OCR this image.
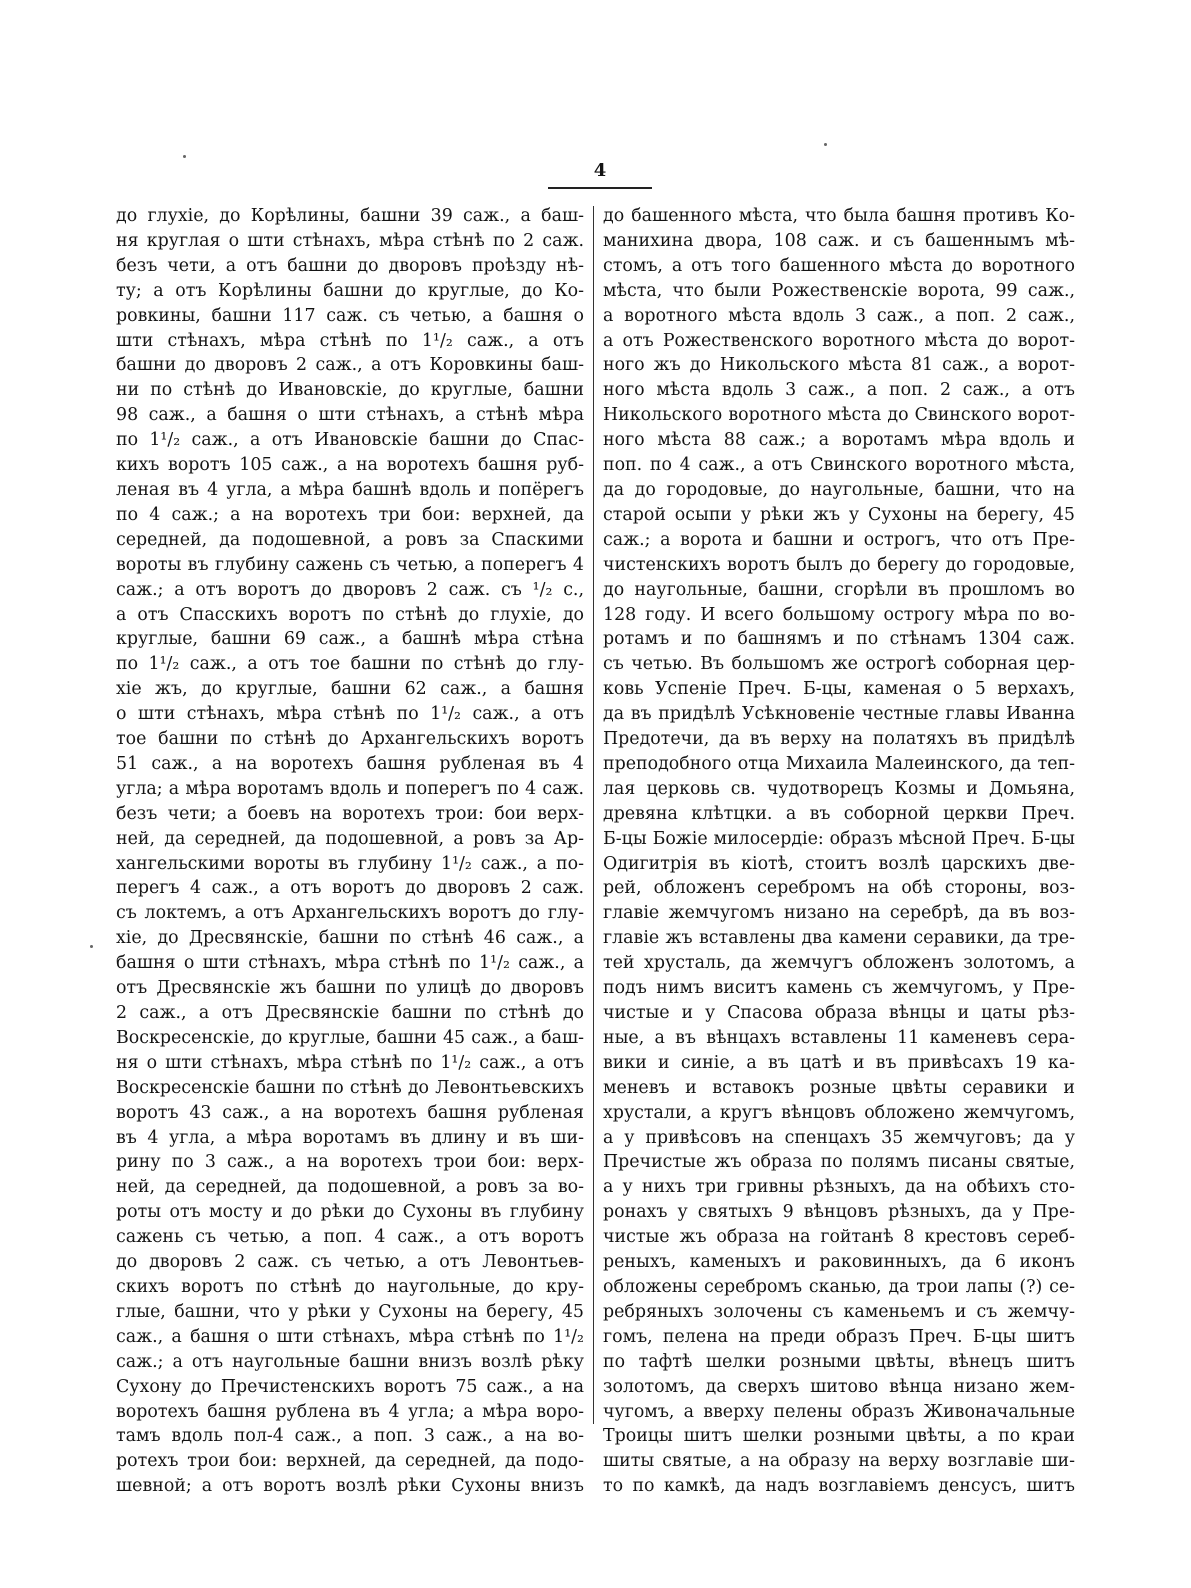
4
до глухіе, до Корѣлины, башни 39 саж., а баш-
ня круглая о шти стѣнахъ, мѣра стѣнѣ по 2 саж.
безъ чети, а отъ башни до дворовъ проѣзду нѣ-
ту; а отъ Корѣлины башни до круглые, до Ко-
ровкины, башни 117 саж. съ четью, а башня о
шти стѣнахъ, мѣра стѣнѣ по 1¹/₂ саж., а отъ
башни до дворовъ 2 саж., а отъ Коровкины баш-
ни по стѣнѣ до Ивановскіе, до круглые, башни
98 саж., а башня о шти стѣнахъ, а стѣнѣ мѣра
по 1¹/₂ саж., а отъ Ивановскіе башни до Спас-
кихъ воротъ 105 саж., а на воротехъ башня руб-
леная въ 4 угла, а мѣра башнѣ вдоль и попёрегъ
по 4 саж.; а на воротехъ три бои: верхней, да
середней, да подошевной, а ровъ за Спаскими
вороты въ глубину сажень съ четью, а поперегъ 4
саж.; а отъ воротъ до дворовъ 2 саж. съ ¹/₂ с.,
а отъ Спасскихъ воротъ по стѣнѣ до глухіе, до
круглые, башни 69 саж., а башнѣ мѣра стѣна
по 1¹/₂ саж., а отъ тое башни по стѣнѣ до глу-
хіе жъ, до круглые, башни 62 саж., а башня
о шти стѣнахъ, мѣра стѣнѣ по 1¹/₂ саж., а отъ
тое башни по стѣнѣ до Архангельскихъ воротъ
51 саж., а на воротехъ башня рубленая въ 4
угла; а мѣра воротамъ вдоль и поперегъ по 4 саж.
безъ чети; а боевъ на воротехъ трои: бои верх-
ней, да середней, да подошевной, а ровъ за Ар-
хангельскими вороты въ глубину 1¹/₂ саж., а по-
перегъ 4 саж., а отъ воротъ до дворовъ 2 саж.
съ локтемъ, а отъ Архангельскихъ воротъ до глу-
хіе, до Дресвянскіе, башни по стѣнѣ 46 саж., а
башня о шти стѣнахъ, мѣра стѣнѣ по 1¹/₂ саж., а
отъ Дресвянскіе жъ башни по улицѣ до дворовъ
2 саж., а отъ Дресвянскіе башни по стѣнѣ до
Воскресенскіе, до круглые, башни 45 саж., а баш-
ня о шти стѣнахъ, мѣра стѣнѣ по 1¹/₂ саж., а отъ
Воскресенскіе башни по стѣнѣ до Левонтьевскихъ
воротъ 43 саж., а на воротехъ башня рубленая
въ 4 угла, а мѣра воротамъ въ длину и въ ши-
рину по 3 саж., а на воротехъ трои бои: верх-
ней, да середней, да подошевной, а ровъ за во-
роты отъ мосту и до рѣки до Сухоны въ глубину
сажень съ четью, а поп. 4 саж., а отъ воротъ
до дворовъ 2 саж. съ четью, а отъ Левонтьев-
скихъ воротъ по стѣнѣ до наугольные, до кру-
глые, башни, что у рѣки у Сухоны на берегу, 45
саж., а башня о шти стѣнахъ, мѣра стѣнѣ по 1¹/₂
саж.; а отъ наугольные башни внизъ возлѣ рѣку
Сухону до Пречистенскихъ воротъ 75 саж., а на
воротехъ башня рублена въ 4 угла; а мѣра воро-
тамъ вдоль пол-4 саж., а поп. 3 саж., а на во-
ротехъ трои бои: верхней, да середней, да подо-
шевной; а отъ воротъ возлѣ рѣки Сухоны внизъ
до башенного мѣста, что была башня противъ Ко-
манихина двора, 108 саж. и съ башеннымъ мѣ-
стомъ, а отъ того башенного мѣста до воротного
мѣста, что были Рожественскіе ворота, 99 саж.,
а воротного мѣста вдоль 3 саж., а поп. 2 саж.,
а отъ Рожественского воротного мѣста до ворот-
ного жъ до Никольского мѣста 81 саж., а ворот-
ного мѣста вдоль 3 саж., а поп. 2 саж., а отъ
Никольского воротного мѣста до Свинского ворот-
ного мѣста 88 саж.; а воротамъ мѣра вдоль и
поп. по 4 саж., а отъ Свинского воротного мѣста,
да до городовые, до наугольные, башни, что на
старой осыпи у рѣки жъ у Сухоны на берегу, 45
саж.; а ворота и башни и острогъ, что отъ Пре-
чистенскихъ воротъ былъ до берегу до городовые,
до наугольные, башни, сгорѣли въ прошломъ во
128 году. И всего большому острогу мѣра по во-
ротамъ и по башнямъ и по стѣнамъ 1304 саж.
съ четью. Въ большомъ же острогѣ соборная цер-
ковь Успеніе Преч. Б-цы, каменая о 5 верхахъ,
да въ придѣлѣ Усѣкновеніе честные главы Иванна
Предотечи, да въ верху на полатяхъ въ придѣлѣ
преподобного отца Михаила Малеинского, да теп-
лая церковь св. чудотворецъ Козмы и Домьяна,
древяна клѣтцки. а въ соборной церкви Преч.
Б-цы Божіе милосердіе: образъ мѣсной Преч. Б-цы
Одигитрія въ кіотѣ, стоитъ возлѣ царскихъ две-
рей, обложенъ серебромъ на обѣ стороны, воз-
главіе жемчугомъ низано на серебрѣ, да въ воз-
главіе жъ вставлены два камени серавики, да тре-
тей хрусталь, да жемчугъ обложенъ золотомъ, а
подъ нимъ виситъ камень съ жемчугомъ, у Пре-
чистые и у Спасова образа вѣнцы и цаты рѣз-
ные, а въ вѣнцахъ вставлены 11 каменевъ сера-
вики и синіе, а въ цатѣ и въ привѣсахъ 19 ка-
меневъ и вставокъ розные цвѣты серавики и
хрустали, а кругъ вѣнцовъ обложено жемчугомъ,
а у привѣсовъ на спенцахъ 35 жемчуговъ; да у
Пречистые жъ образа по полямъ писаны святые,
а у нихъ три гривны рѣзныхъ, да на обѣихъ сто-
ронахъ у святыхъ 9 вѣнцовъ рѣзныхъ, да у Пре-
чистые жъ образа на гойтанѣ 8 крестовъ сереб-
реныхъ, каменыхъ и раковинныхъ, да 6 иконъ
обложены серебромъ сканью, да трои лапы (?) се-
ребряныхъ золочены съ каменьемъ и съ жемчу-
гомъ, пелена на преди образъ Преч. Б-цы шитъ
по тафтѣ шелки розными цвѣты, вѣнецъ шитъ
золотомъ, да сверхъ шитово вѣнца низано жем-
чугомъ, а вверху пелены образъ Живоначальные
Троицы шитъ шелки розными цвѣты, а по краи
шиты святые, а на образу на верху возглавіе ши-
то по камкѣ, да надъ возглавіемъ денсусъ, шитъ
